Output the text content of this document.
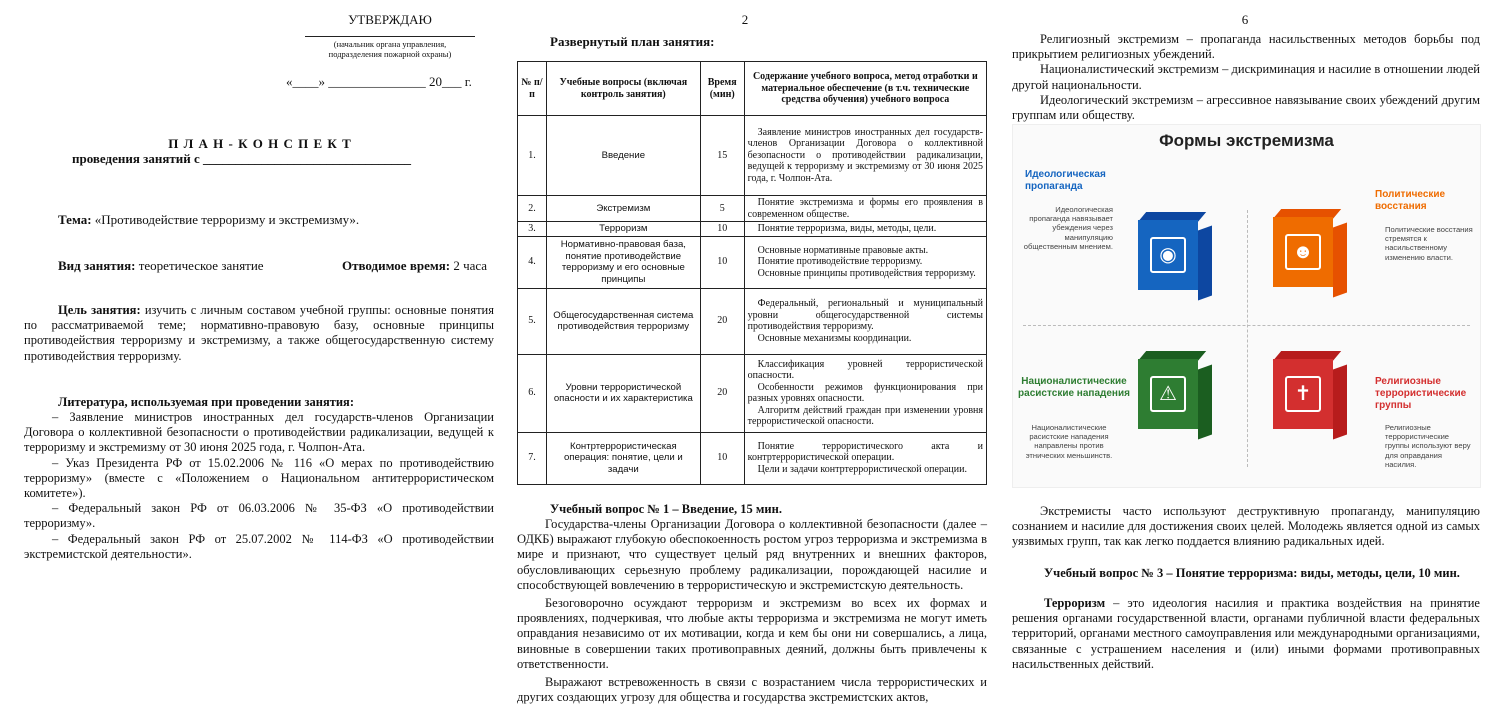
УТВЕРЖДАЮ
(начальник органа управления,
подразделения пожарной охраны)
«____» _______________ 20___ г.
П Л А Н - К О Н С П Е К Т
проведения занятий с ________________________________
Тема: «Противодействие терроризму и экстремизму».
Вид занятия: теоретическое занятие	Отводимое время: 2 часа
Цель занятия: изучить с личным составом учебной группы: основные понятия по рассматриваемой теме; нормативно-правовую базу, основные принципы противодействия терроризму и экстремизму, а также общегосударственную систему противодействия терроризму.
Литература, используемая при проведении занятия:
– Заявление министров иностранных дел государств-членов Организации Договора о коллективной безопасности о противодействии радикализации, ведущей к терроризму и экстремизму от 30 июня 2025 года, г. Чолпон-Ата.
– Указ Президента РФ от 15.02.2006 № 116 «О мерах по противодействию терроризму» (вместе с «Положением о Национальном антитеррористическом комитете»).
– Федеральный закон РФ от 06.03.2006 № 35-ФЗ «О противодействии терроризму».
– Федеральный закон РФ от 25.07.2002 № 114-ФЗ «О противодействии экстремистской деятельности».
2
Развернутый план занятия:
№ п/п	Учебные вопросы (включая контроль занятия)	Время (мин)	Содержание учебного вопроса, метод отработки и материальное обеспечение (в т.ч. технические средства обучения) учебного вопроса
1.	Введение	15	Заявление министров иностранных дел государств-членов Организации Договора о коллективной безопасности о противодействии радикализации, ведущей к терроризму и экстремизму от 30 июня 2025 года, г. Чолпон-Ата.

2.	Экстремизм	5	Понятие экстремизма и формы его проявления в современном обществе.

3.	Терроризм	10	Понятие терроризма, виды, методы, цели.

4.	Нормативно-правовая база, понятие противодействие терроризму и его основные принципы	10	Основные нормативные правовые акты.
Понятие противодействие терроризму.
Основные принципы противодействия терроризму.

5.	Общегосударственная система противодействия терроризму	20	Федеральный, региональный и муниципальный уровни общегосударственной системы противодействия терроризму.
Основные механизмы координации.

6.	Уровни террористической опасности и их характеристика	20	Классификация уровней террористической опасности.
Особенности режимов функционирования при разных уровнях опасности.
Алгоритм действий граждан при изменении уровня террористической опасности.

7.	Контртеррористическая операция: понятие, цели и задачи	10	Понятие террористического акта и контртеррористической операции.
Цели и задачи контртеррористической операции.
Учебный вопрос № 1 – Введение, 15 мин.
Государства-члены Организации Договора о коллективной безопасности (далее – ОДКБ) выражают глубокую обеспокоенность ростом угроз терроризма и экстремизма в мире и признают, что существует целый ряд внутренних и внешних факторов, обусловливающих серьезную проблему радикализации, порождающей насилие и способствующей вовлечению в террористическую и экстремистскую деятельность.
Безоговорочно осуждают терроризм и экстремизм во всех их формах и проявлениях, подчеркивая, что любые акты терроризма и экстремизма не могут иметь оправдания независимо от их мотивации, когда и кем бы они ни совершались, а лица, виновные в совершении таких противоправных деяний, должны быть привлечены к ответственности.
Выражают встревоженность в связи с возрастанием числа террористических и других создающих угрозу для общества и государства экстремистских актов,
6
Религиозный экстремизм – пропаганда насильственных методов борьбы под прикрытием религиозных убеждений.
Националистический экстремизм – дискриминация и насилие в отношении людей другой национальности.
Идеологический экстремизм – агрессивное навязывание своих убеждений другим группам или обществу.
Формы экстремизма
Идеологическая пропаганда
Идеологическая пропаганда навязывает убеждения через манипуляцию общественным мнением.	◉
Политические восстания
Политические восстания стремятся к насильственному изменению власти.
☻
Националистические расистские нападения
Националистические расистские нападения направлены против этнических меньшинств.
⚠
Религиозные террористические группы
Религиозные террористические группы используют веру для оправдания насилия.
✝
Экстремисты часто используют деструктивную пропаганду, манипуляцию сознанием и насилие для достижения своих целей. Молодежь является одной из самых уязвимых групп, так как легко поддается влиянию радикальных идей.
Учебный вопрос № 3 – Понятие терроризма: виды, методы, цели, 10 мин.
Терроризм – это идеология насилия и практика воздействия на принятие решения органами государственной власти, органами публичной власти федеральных территорий, органами местного самоуправления или международными организациями, связанные с устрашением населения и (или) иными формами противоправных насильственных действий.
